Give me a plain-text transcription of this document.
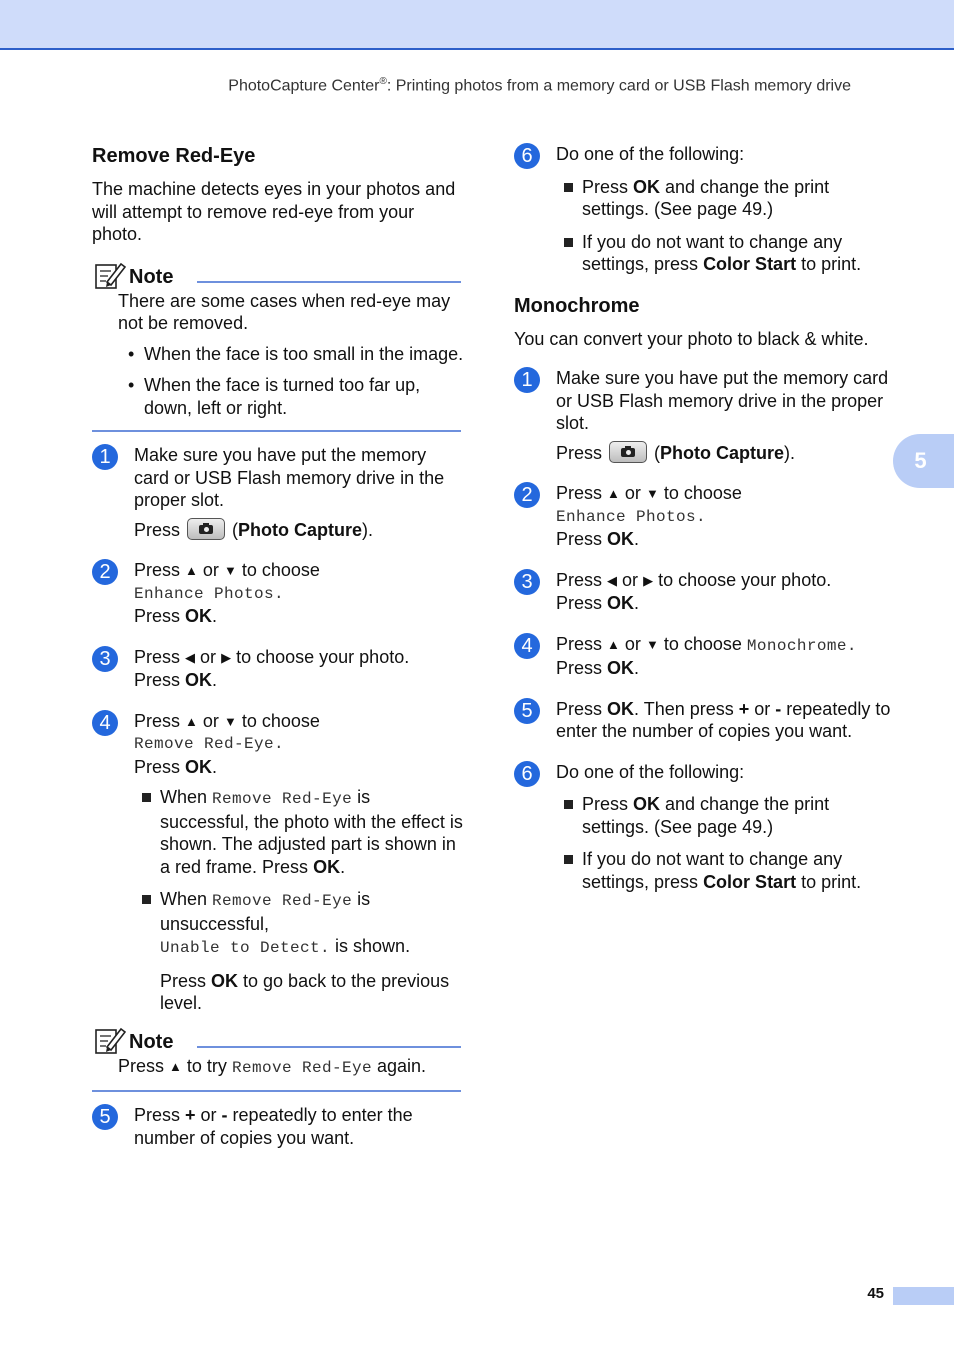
PhotoCapture Center®: Printing photos from a memory card or USB Flash memory drive
5
Remove Red-Eye

The machine detects eyes in your photos and will attempt to remove red-eye from your photo.

Note

There are some cases when red-eye may not be removed.

• When the face is too small in the image.
• When the face is turned too far up, down, left or right.
1	Make sure you have put the memory card or USB Flash memory drive in the proper slot.

Press	(Photo Capture).

2	Press ▲ or ▼ to choose

Enhance Photos.

Press OK.

3	Press ◀ or ▶ to choose your photo.

Press OK.

4	Press ▲ or ▼ to choose

Remove Red-Eye.

Press OK.

When Remove Red-Eye is successful, the photo with the effect is shown. The adjusted part is shown in a red frame. Press OK.
When Remove Red-Eye is
unsuccessful,
Unable to Detect. is shown.

Press OK to go back to the previous level.

Note

Press ▲ to try Remove Red-Eye again.

5	Press + or - repeatedly to enter the number of copies you want.

6	Do one of the following:

Press OK and change the print settings. (See page 49.)
If you do not want to change any settings, press Color Start to print.
Monochrome

You can convert your photo to black & white.

1	Make sure you have put the memory card or USB Flash memory drive in the proper slot.

Press	(Photo Capture).

2	Press ▲ or ▼ to choose

Enhance Photos.

Press OK.

3	Press ◀ or ▶ to choose your photo.

Press OK.

4	Press ▲ or ▼ to choose Monochrome.

Press OK.

5	Press OK. Then press + or - repeatedly to enter the number of copies you want.

6	Do one of the following:

Press OK and change the print settings. (See page 49.)
If you do not want to change any settings, press Color Start to print.
45
